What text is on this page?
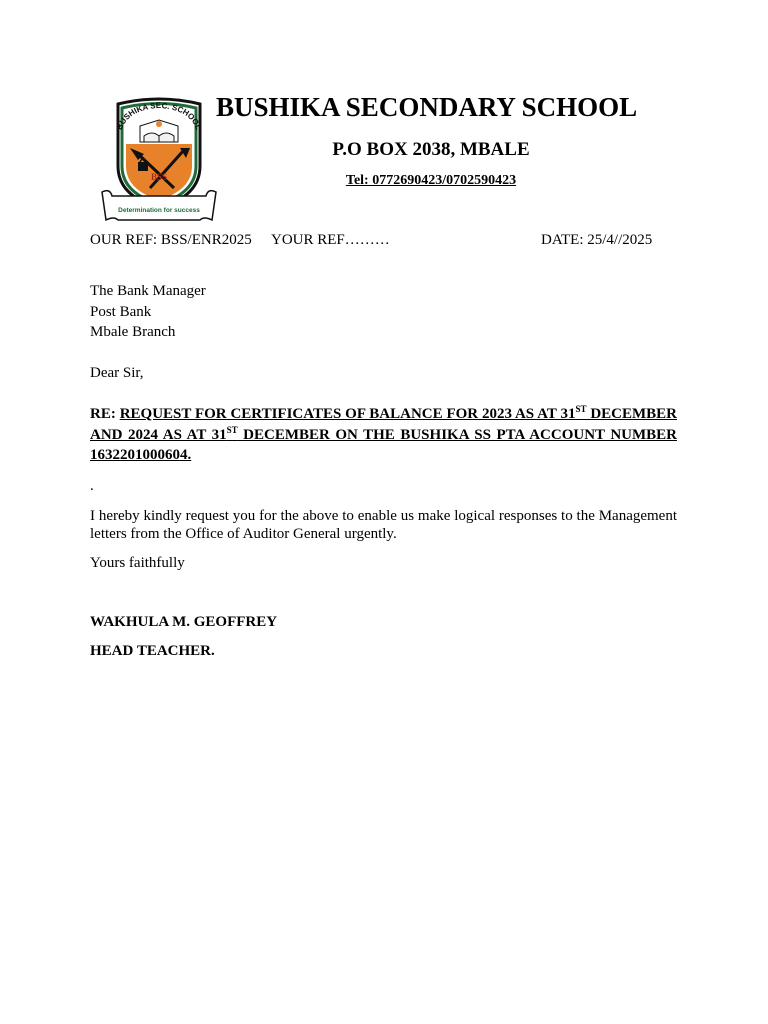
BSS
BUSHIKA SEC. SCHOOL
Determination for success
BUSHIKA SECONDARY SCHOOL
P.O BOX 2038, MBALE
Tel: 0772690423/0702590423
OUR REF: BSS/ENR2025 YOUR REF………	DATE: 25/4//2025
The Bank Manager
Post Bank
Mbale Branch
Dear Sir,
RE: REQUEST FOR CERTIFICATES OF BALANCE FOR 2023 AS AT 31ST DECEMBER AND 2024 AS AT 31ST DECEMBER ON THE BUSHIKA SS PTA ACCOUNT NUMBER 1632201000604.
.
I hereby kindly request you for the above to enable us make logical responses to the Management letters from the Office of Auditor General urgently.
Yours faithfully
WAKHULA M. GEOFFREY
HEAD TEACHER.
